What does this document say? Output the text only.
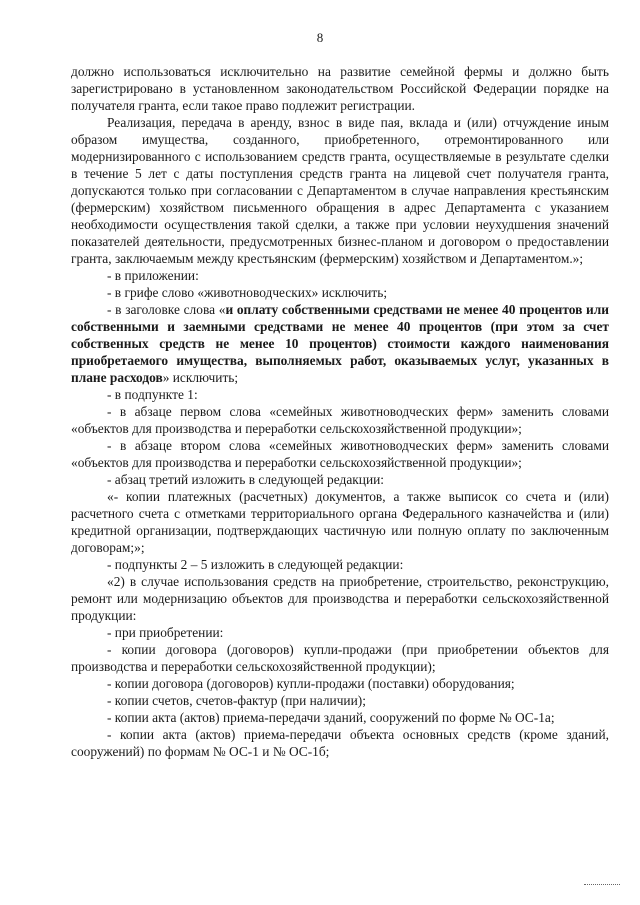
8

должно использоваться исключительно на развитие семейной фермы и должно быть зарегистрировано в установленном законодательством Российской Федерации порядке на получателя гранта, если такое право подлежит регистрации.

Реализация, передача в аренду, взнос в виде пая, вклада и (или) отчуждение иным образом имущества, созданного, приобретенного, отремонтированного или модернизированного с использованием средств гранта, осуществляемые в результате сделки в течение 5 лет с даты поступления средств гранта на лицевой счет получателя гранта, допускаются только при согласовании с Департаментом в случае направления крестьянским (фермерским) хозяйством письменного обращения в адрес Департамента с указанием необходимости осуществления такой сделки, а также при условии неухудшения значений показателей деятельности, предусмотренных бизнес-планом и договором о предоставлении гранта, заключаемым между крестьянским (фермерским) хозяйством и Департаментом.»;

- в приложении:

- в грифе слово «животноводческих» исключить;

- в заголовке слова «и оплату собственными средствами не менее 40 процентов или собственными и заемными средствами не менее 40 процентов (при этом за счет собственных средств не менее 10 процентов) стоимости каждого наименования приобретаемого имущества, выполняемых работ, оказываемых услуг, указанных в плане расходов» исключить;

- в подпункте 1:

- в абзаце первом слова «семейных животноводческих ферм» заменить словами «объектов для производства и переработки сельскохозяйственной продукции»;

- в абзаце втором слова «семейных животноводческих ферм» заменить словами «объектов для производства и переработки сельскохозяйственной продукции»;

- абзац третий изложить в следующей редакции:

«- копии платежных (расчетных) документов, а также выписок со счета и (или) расчетного счета с отметками территориального органа Федерального казначейства и (или) кредитной организации, подтверждающих частичную или полную оплату по заключенным договорам;»;

- подпункты 2 – 5 изложить в следующей редакции:

«2) в случае использования средств на приобретение, строительство, реконструкцию, ремонт или модернизацию объектов для производства и переработки сельскохозяйственной продукции:

- при приобретении:

- копии договора (договоров) купли-продажи (при приобретении объектов для производства и переработки сельскохозяйственной продукции);

- копии договора (договоров) купли-продажи (поставки) оборудования;

- копии счетов, счетов-фактур (при наличии);

- копии акта (актов) приема-передачи зданий, сооружений по форме № ОС-1а;

- копии акта (актов) приема-передачи объекта основных средств (кроме зданий, сооружений) по формам № ОС-1 и № ОС-1б;
